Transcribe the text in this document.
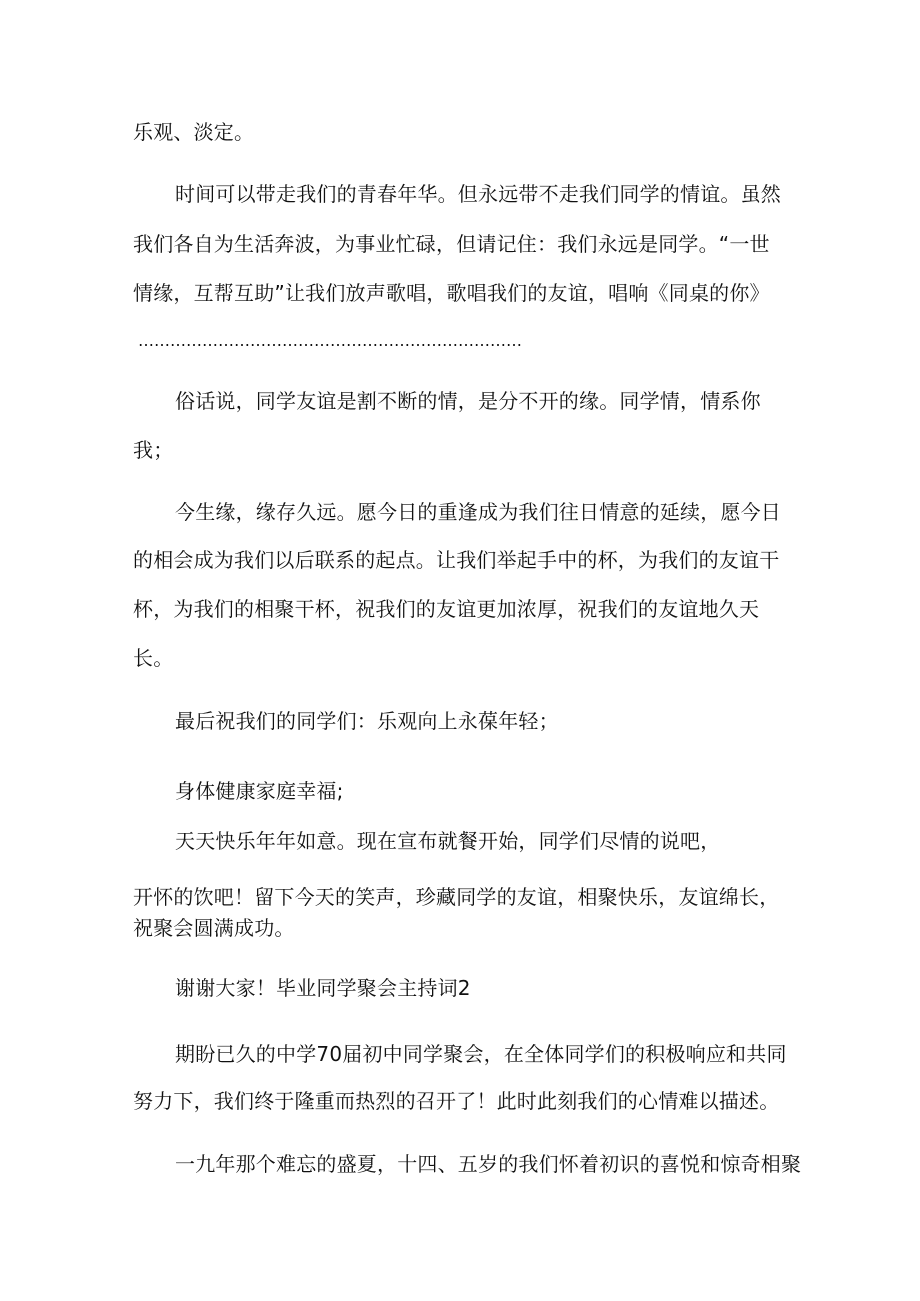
乐观、淡定。
时间可以带走我们的青春年华。但永远带不走我们同学的情谊。虽然
我们各自为生活奔波，为事业忙碌，但请记住：我们永远是同学。“一世
情缘，互帮互助”让我们放声歌唱，歌唱我们的友谊，唱响《同桌的你》
………………………………………………………………
俗话说，同学友谊是割不断的情，是分不开的缘。同学情，情系你
我；
今生缘，缘存久远。愿今日的重逢成为我们往日情意的延续，愿今日
的相会成为我们以后联系的起点。让我们举起手中的杯，为我们的友谊干
杯，为我们的相聚干杯，祝我们的友谊更加浓厚，祝我们的友谊地久天
长。
最后祝我们的同学们：乐观向上永葆年轻；
身体健康家庭幸福;
天天快乐年年如意。现在宣布就餐开始，同学们尽情的说吧，
开怀的饮吧！留下今天的笑声，珍藏同学的友谊，相聚快乐，友谊绵长，
祝聚会圆满成功。
谢谢大家！毕业同学聚会主持词2
期盼已久的中学70届初中同学聚会，在全体同学们的积极响应和共同
努力下，我们终于隆重而热烈的召开了！此时此刻我们的心情难以描述。
一九年那个难忘的盛夏，十四、五岁的我们怀着初识的喜悦和惊奇相聚
